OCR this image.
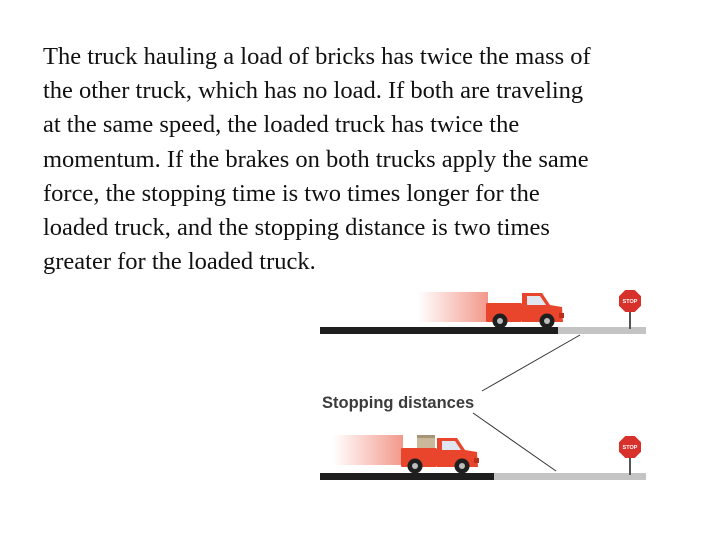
The truck hauling a load of bricks has twice the mass of
the other truck, which has no load. If both are traveling
at the same speed, the loaded truck has twice the
momentum. If the brakes on both trucks apply the same
force, the stopping time is two times longer for the
loaded truck, and the stopping distance is two times
greater for the loaded truck.

STOP
Stopping distances
STOP
